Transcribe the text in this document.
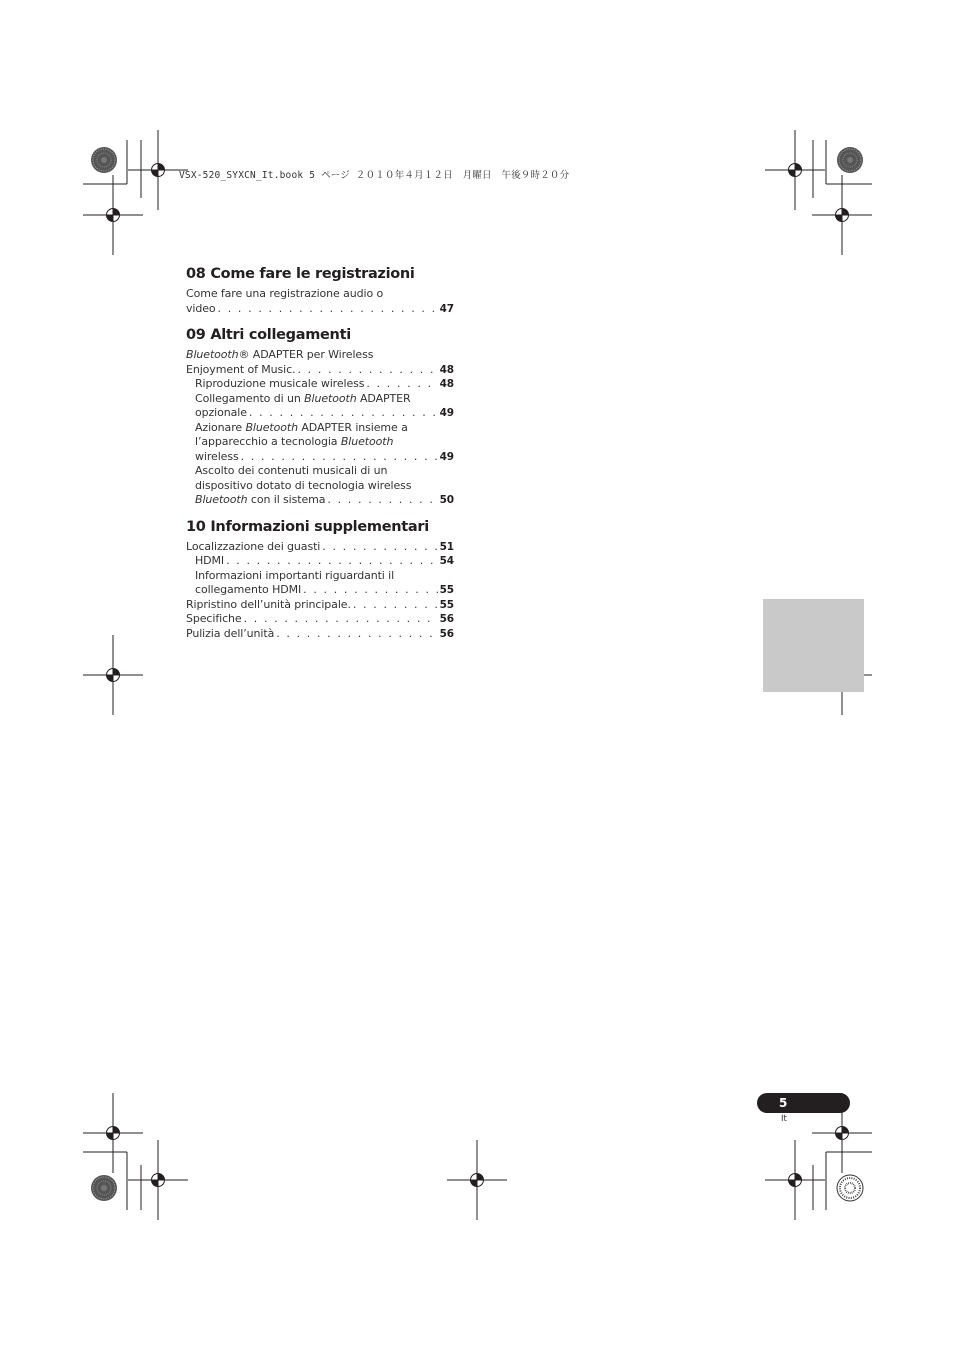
VSX-520_SYXCN_It.book 5 ページ ２０１０年４月１２日　月曜日　午後９時２０分
08 Come fare le registrazioni
Come fare una registrazione audio o
video . . .	47
09 Altri collegamenti
Bluetooth® ADAPTER per Wireless
Enjoyment of Music. . . .	48
Riproduzione musicale wireless . . .	48
Collegamento di un Bluetooth ADAPTER
opzionale . . .	49
Azionare Bluetooth ADAPTER insieme a
l’apparecchio a tecnologia Bluetooth
wireless . . .	49
Ascolto dei contenuti musicali di un
dispositivo dotato di tecnologia wireless
Bluetooth con il sistema . . .	50
10 Informazioni supplementari
Localizzazione dei guasti . . .	51
HDMI . . .	54
Informazioni importanti riguardanti il
collegamento HDMI . . .	55
Ripristino dell’unità principale. . . .	55
Specifiche . . .	56
Pulizia dell’unità . . .	56
5
It
